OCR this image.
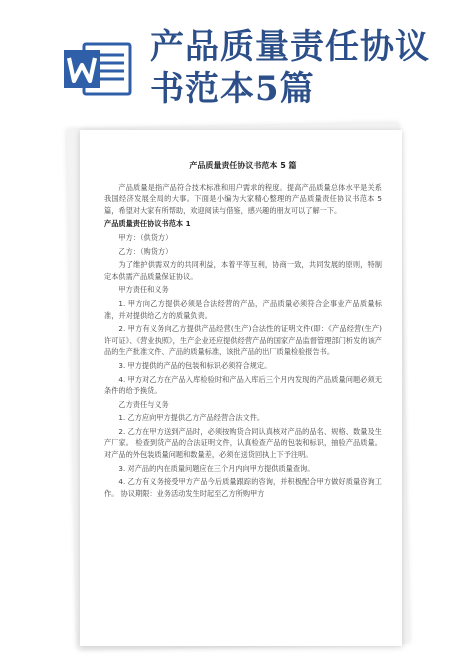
产品质量责任协议
书范本5篇
产品质量责任协议书范本 5 篇

产品质量是指产品符合技术标准和用户需求的程度。提高产品质量总体水平是关系我国经济发展全局的大事。下面是小编为大家精心整理的产品质量责任协议书范本 5 篇，希望对大家有所帮助，欢迎阅读与借鉴，感兴趣的朋友可以了解一下。

产品质量责任协议书范本 1

甲方：（供货方）

乙方：（购货方）

为了维护供需双方的共同利益，本着平等互利，协商一致，共同发展的原则，特制定本供需产品质量保证协议。

甲方责任和义务

1. 甲方向乙方提供必须是合法经营的产品，产品质量必须符合企事业产品质量标准，并对提供给乙方的质量负责。

2. 甲方有义务向乙方提供产品经营(生产)合法性的证明文件(即：《产品经营(生产)许可证》、《营业执照》，生产企业还应提供经营产品的国家产品监督管理部门析发的该产品的生产批准文件、产品的质量标准，该批产品的出厂质量检验报告书。

3. 甲方提供的产品的包装和标识必须符合规定。

4. 甲方对乙方在产品入库检验时和产品入库后三个月内发现的产品质量问题必须无条件的给予换货。

乙方责任与义务

1. 乙方应向甲方提供乙方产品经营合法文件。

2. 乙方在甲方送到产品时，必须按购货合同认真核对产品的品名、规格、数量及生产厂家。 检查到货产品的合法证明文件，认真检查产品的包装和标识，抽验产品质量。对产品的外包装质量问题和数量差，必须在送货回执上下予注明。

3. 对产品的内在质量问题应在三个月内向甲方提供质量查询。

4. 乙方有义务接受甲方产品今后质量跟踪的咨询，并积极配合甲方做好质量咨询工作。 协议期限：业务活动发生时起至乙方所购甲方
